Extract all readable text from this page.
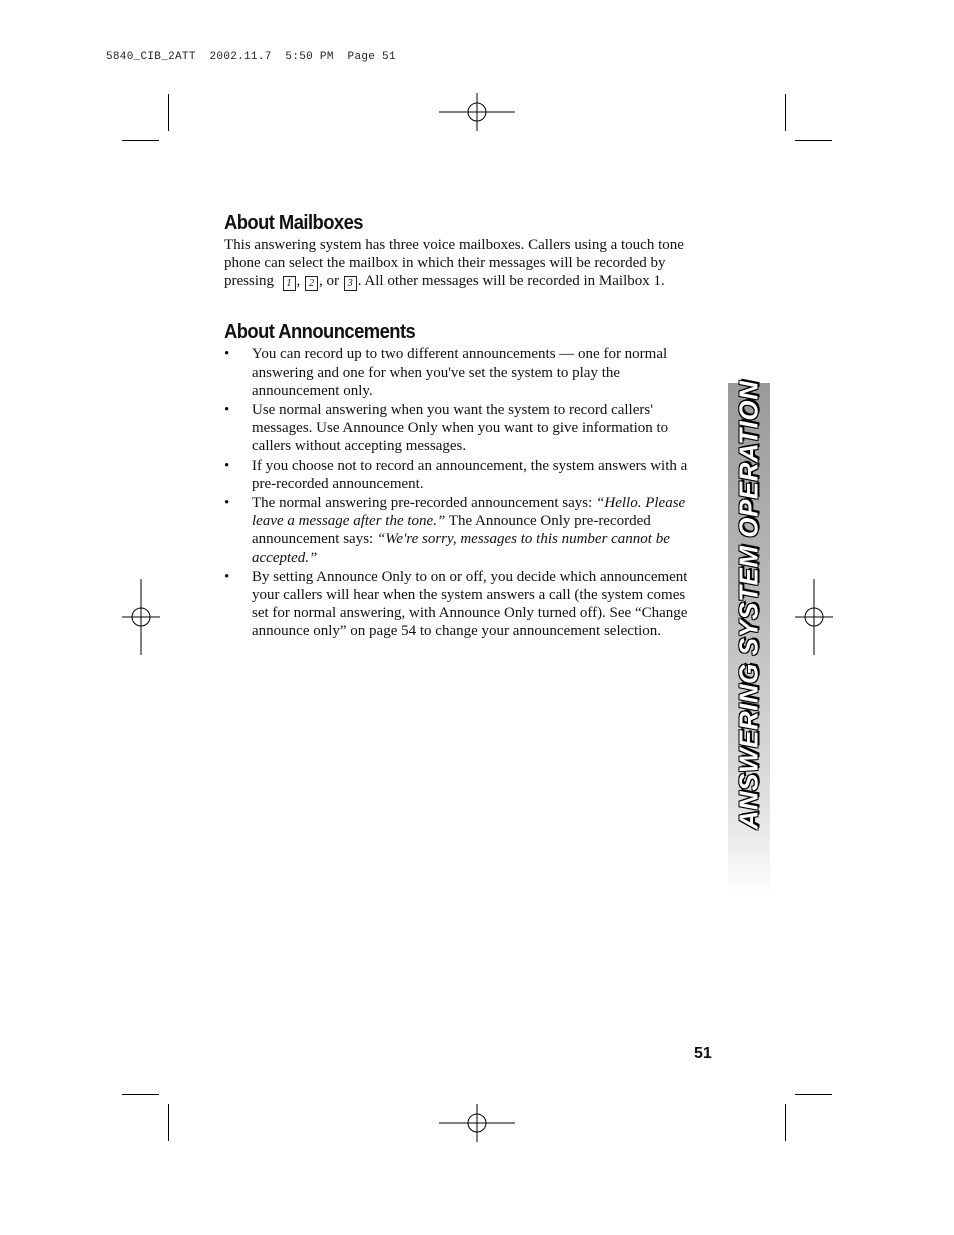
5840_CIB_2ATT  2002.11.7  5:50 PM  Page 51
About Mailboxes

This answering system has three voice mailboxes. Callers using a touch tone phone can select the mailbox in which their messages will be recorded by pressing 1 , 2 , or 3 . All other messages will be recorded in Mailbox 1.

About Announcements
• You can record up to two different announcements — one for normal answering and one for when you've set the system to play the announcement only.
• Use normal answering when you want the system to record callers' messages. Use Announce Only when you want to give information to callers without accepting messages.
• If you choose not to record an announcement, the system answers with a pre-recorded announcement.
• The normal answering pre-recorded announcement says: “Hello. Please leave a message after the tone.” The Announce Only pre-recorded announcement says: “We're sorry, messages to this number cannot be accepted.”
• By setting Announce Only to on or off, you decide which announcement your callers will hear when the system answers a call (the system comes set for normal answering, with Announce Only turned off). See “Change announce only” on page 54 to change your announcement selection.	ANSWERING SYSTEM OPERATION
51
